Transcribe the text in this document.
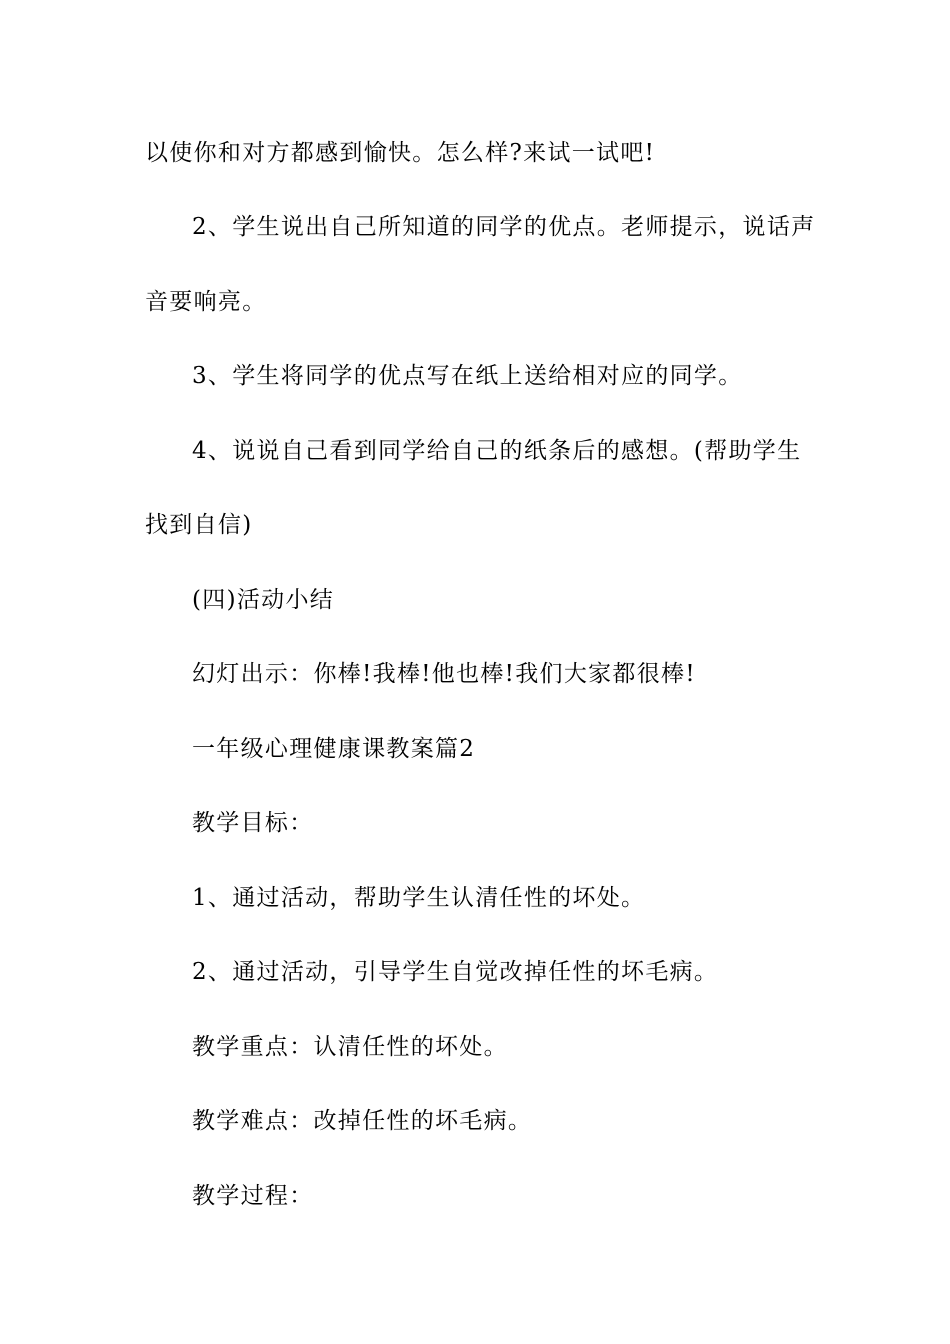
以使你和对方都感到愉快。怎么样?来试一试吧!
2、学生说出自己所知道的同学的优点。老师提示，说话声
音要响亮。
3、学生将同学的优点写在纸上送给相对应的同学。
4、说说自己看到同学给自己的纸条后的感想。(帮助学生
找到自信)
(四)活动小结
幻灯出示：你棒!我棒!他也棒!我们大家都很棒!
一年级心理健康课教案篇2
教学目标：
1、通过活动，帮助学生认清任性的坏处。
2、通过活动，引导学生自觉改掉任性的坏毛病。
教学重点：认清任性的坏处。
教学难点：改掉任性的坏毛病。
教学过程：
